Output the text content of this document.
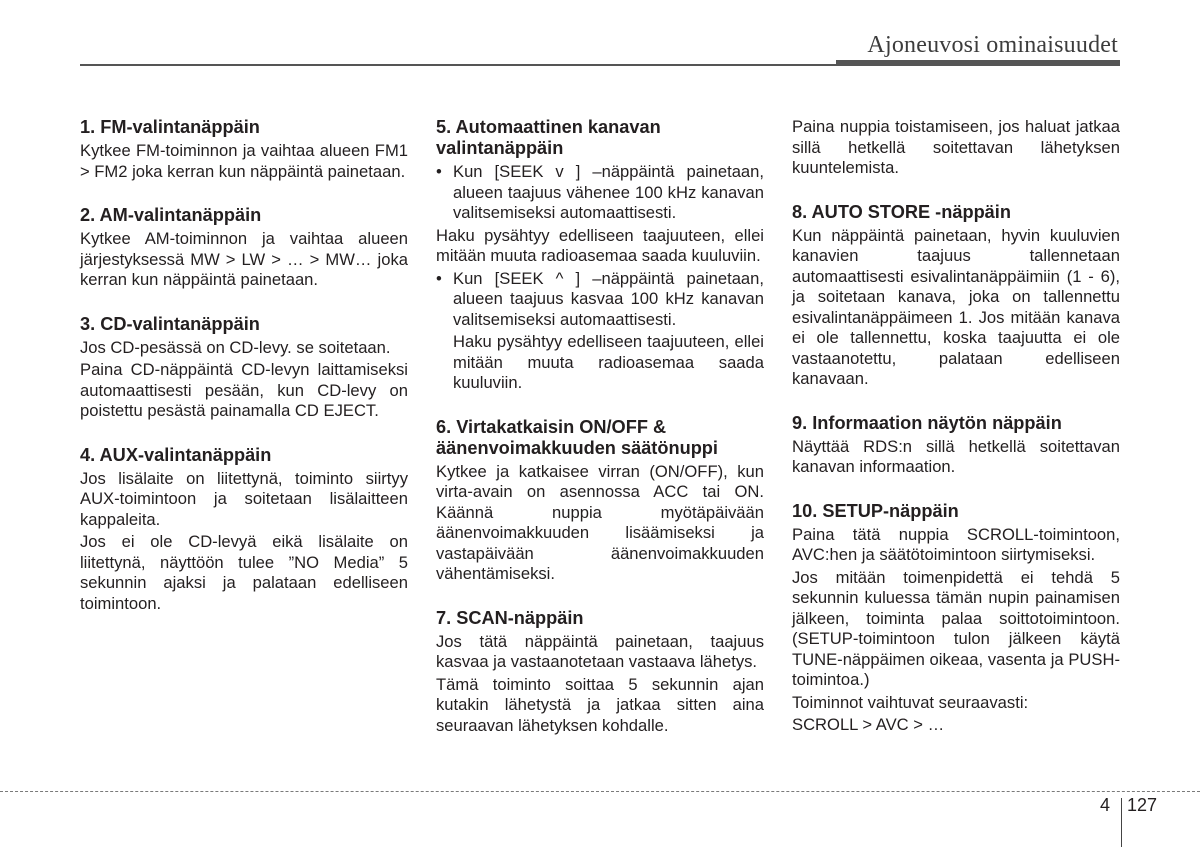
Ajoneuvosi ominaisuudet
1. FM-valintanäppäin
Kytkee FM-toiminnon ja vaihtaa alueen FM1 > FM2 joka kerran kun näppäintä painetaan.
2. AM-valintanäppäin
Kytkee AM-toiminnon ja vaihtaa alueen järjestyksessä MW > LW > … > MW… joka kerran kun näppäintä painetaan.
3. CD-valintanäppäin
Jos CD-pesässä on CD-levy. se soitetaan.
Paina CD-näppäintä CD-levyn laittamiseksi automaattisesti pesään, kun CD-levy on poistettu pesästä painamalla CD EJECT.
4. AUX-valintanäppäin
Jos lisälaite on liitettynä, toiminto siirtyy AUX-toimintoon ja soitetaan lisälaitteen kappaleita.
Jos ei ole CD-levyä eikä lisälaite on liitettynä, näyttöön tulee ”NO Media” 5 sekunnin ajaksi ja palataan edelliseen toimintoon.
5. Automaattinen kanavan valintanäppäin
• Kun [SEEK v ] –näppäintä painetaan, alueen taajuus vähenee 100 kHz kanavan valitsemiseksi automaattisesti.
Haku pysähtyy edelliseen taajuuteen, ellei mitään muuta radioasemaa saada kuuluviin.
• Kun [SEEK ^ ] –näppäintä painetaan, alueen taajuus kasvaa 100 kHz kanavan valitsemiseksi automaattisesti.
Haku pysähtyy edelliseen taajuuteen, ellei mitään muuta radioasemaa saada kuuluviin.
6. Virtakatkaisin ON/OFF & äänenvoimakkuuden säätönuppi
Kytkee ja katkaisee virran (ON/OFF), kun virta-avain on asennossa ACC tai ON. Käännä nuppia myötäpäivään äänenvoimakkuuden lisäämiseksi ja vastapäivään äänenvoimakkuuden vähentämiseksi.
7. SCAN-näppäin
Jos tätä näppäintä painetaan, taajuus kasvaa ja vastaanotetaan vastaava lähetys.
Tämä toiminto soittaa 5 sekunnin ajan kutakin lähetystä ja jatkaa sitten aina seuraavan lähetyksen kohdalle.
Paina nuppia toistamiseen, jos haluat jatkaa sillä hetkellä soitettavan lähetyksen kuuntelemista.
8. AUTO STORE -näppäin
Kun näppäintä painetaan, hyvin kuuluvien kanavien taajuus tallennetaan automaattisesti esivalintanäppäimiin (1 - 6), ja soitetaan kanava, joka on tallennettu esivalintanäppäimeen 1. Jos mitään kanava ei ole tallennettu, koska taajuutta ei ole vastaanotettu, palataan edelliseen kanavaan.
9. Informaation näytön näppäin
Näyttää RDS:n sillä hetkellä soitettavan kanavan informaation.
10. SETUP-näppäin
Paina tätä nuppia SCROLL-toimintoon, AVC:hen ja säätötoimintoon siirtymiseksi.
Jos mitään toimenpidettä ei tehdä 5 sekunnin kuluessa tämän nupin painamisen jälkeen, toiminta palaa soittotoimintoon. (SETUP-toimintoon tulon jälkeen käytä TUNE-näppäimen oikeaa, vasenta ja PUSH-toimintoa.)
Toiminnot vaihtuvat seuraavasti:
SCROLL > AVC > …
4 127
